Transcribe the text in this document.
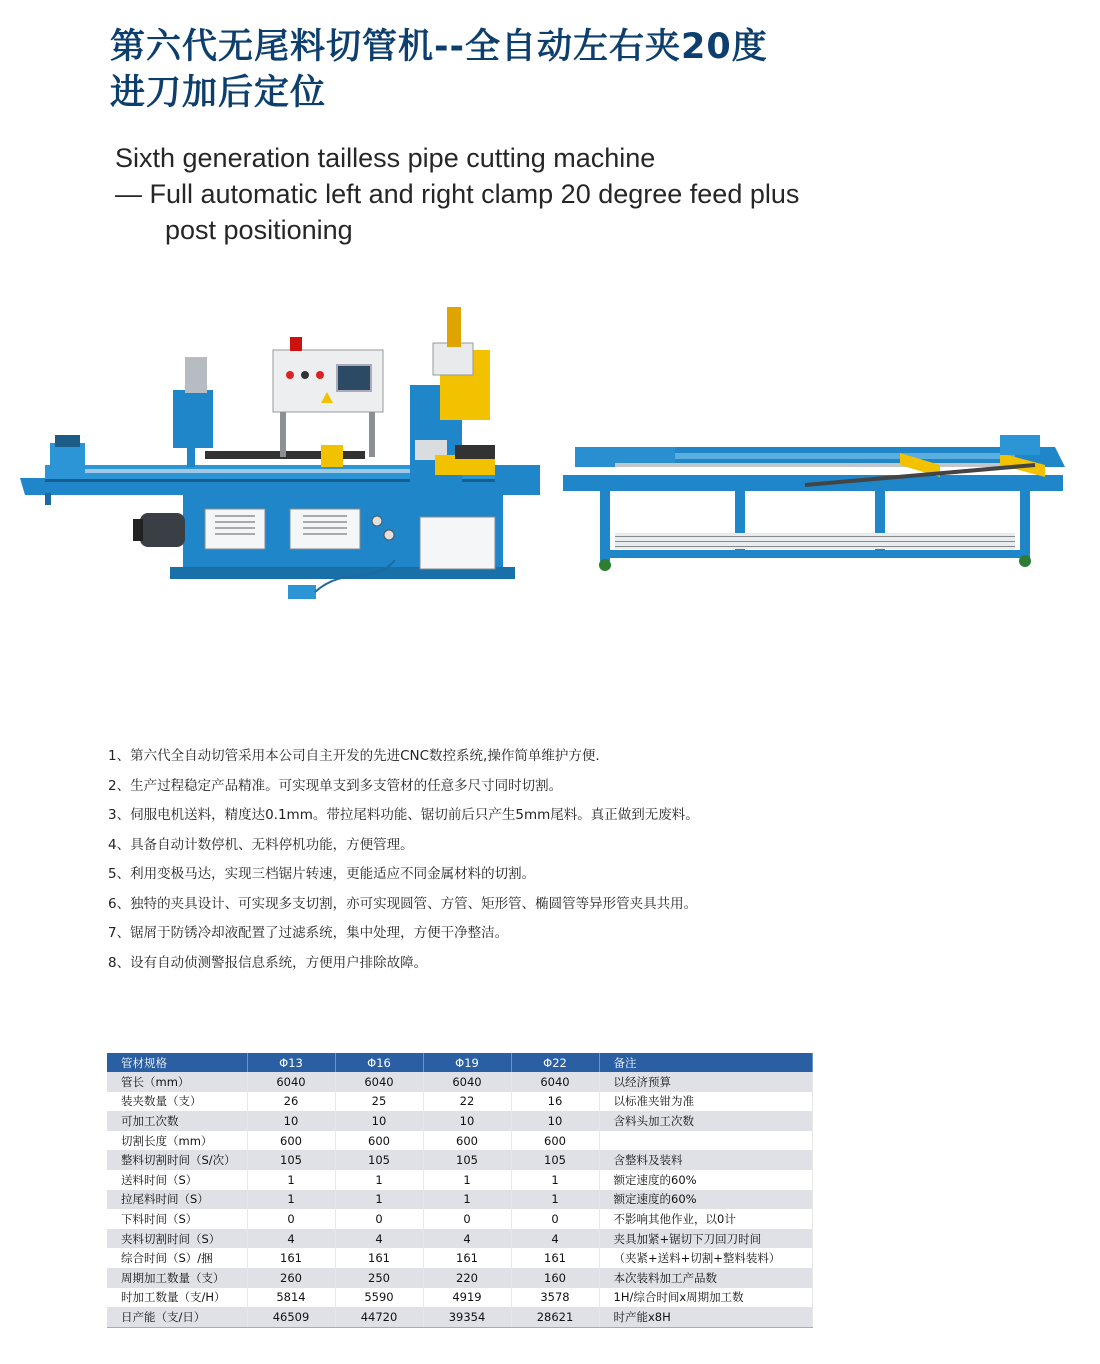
第六代无尾料切管机--全自动左右夹20度
进刀加后定位
Sixth generation tailless pipe cutting machine
— Full automatic left and right clamp 20 degree feed plus
post positioning
1、第六代全自动切管采用本公司自主开发的先进CNC数控系统,操作简单维护方便.
2、生产过程稳定产品精准。可实现单支到多支管材的任意多尺寸同时切割。
3、伺服电机送料，精度达0.1mm。带拉尾料功能、锯切前后只产生5mm尾料。真正做到无废料。
4、具备自动计数停机、无料停机功能，方便管理。
5、利用变极马达，实现三档锯片转速，更能适应不同金属材料的切割。
6、独特的夹具设计、可实现多支切割，亦可实现圆管、方管、矩形管、椭圆管等异形管夹具共用。
7、锯屑于防锈冷却液配置了过滤系统，集中处理，方便干净整洁。
8、设有自动侦测警报信息系统，方便用户排除故障。
管材规格	Φ13	Φ16	Φ19	Φ22	备注
管长（mm）	6040	6040	6040	6040	以经济预算
装夹数量（支）	26	25	22	16	以标准夹钳为准
可加工次数	10	10	10	10	含料头加工次数
切割长度（mm）	600	600	600	600	
整料切割时间（S/次）	105	105	105	105	含整料及装料
送料时间（S）	1	1	1	1	额定速度的60%
拉尾料时间（S）	1	1	1	1	额定速度的60%
下料时间（S）	0	0	0	0	不影响其他作业，以0计
夹料切割时间（S）	4	4	4	4	夹具加紧+锯切下刀回刀时间
综合时间（S）/捆	161	161	161	161	（夹紧+送料+切割+整料装料）
周期加工数量（支）	260	250	220	160	本次装料加工产品数
时加工数量（支/H）	5814	5590	4919	3578	1H/综合时间x周期加工数
日产能（支/日）	46509	44720	39354	28621	时产能x8H
